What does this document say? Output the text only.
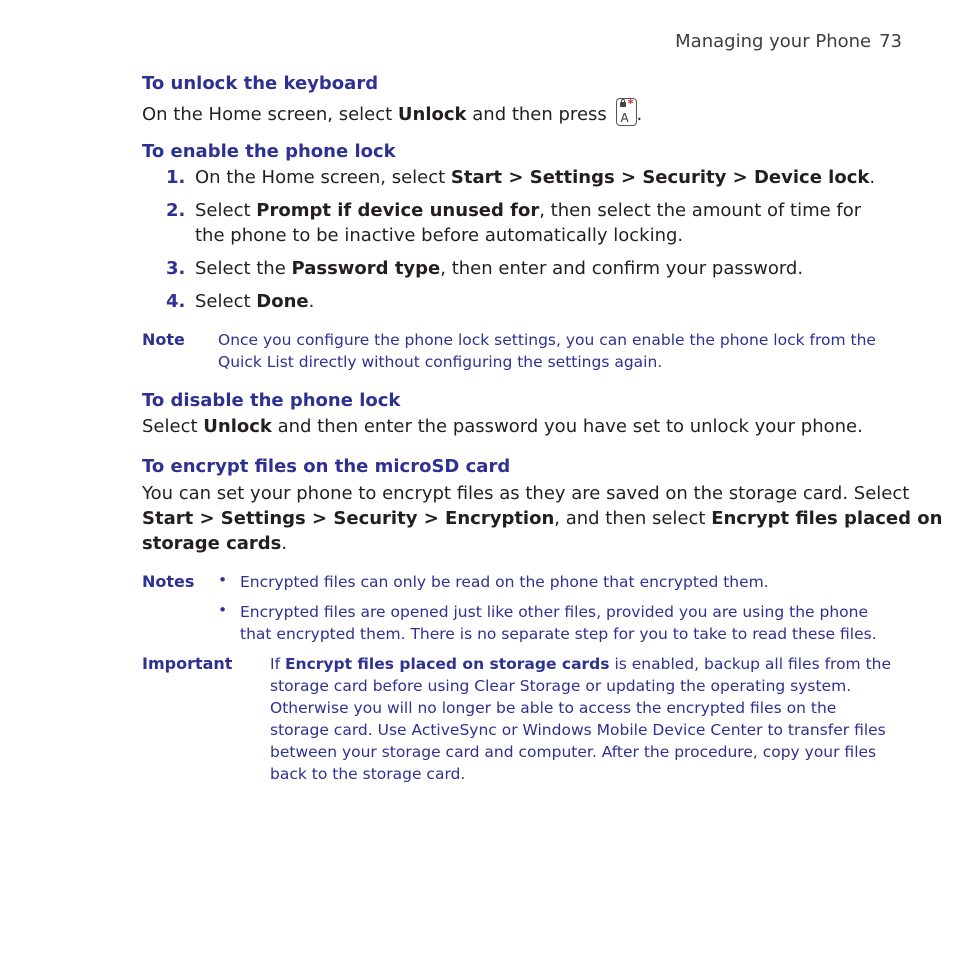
Managing your Phone 73
To unlock the keyboard
On the Home screen, select Unlock and then press
*
A .
To enable the phone lock
1. On the Home screen, select Start > Settings > Security > Device lock.
2. Select Prompt if device unused for, then select the amount of time for the phone to be inactive before automatically locking.
3. Select the Password type, then enter and confirm your password.
4. Select Done.
Note Once you configure the phone lock settings, you can enable the phone lock from the
Quick List directly without configuring the settings again.
To disable the phone lock
Select Unlock and then enter the password you have set to unlock your phone.
To encrypt files on the microSD card
You can set your phone to encrypt files as they are saved on the storage card. Select
Start > Settings > Security > Encryption, and then select Encrypt files placed on
storage cards.
Notes • Encrypted files can only be read on the phone that encrypted them.
• Encrypted files are opened just like other files, provided you are using the phone
that encrypted them. There is no separate step for you to take to read these files.
Important If Encrypt files placed on storage cards is enabled, backup all files from the
storage card before using Clear Storage or updating the operating system.
Otherwise you will no longer be able to access the encrypted files on the
storage card. Use ActiveSync or Windows Mobile Device Center to transfer files
between your storage card and computer. After the procedure, copy your files
back to the storage card.
